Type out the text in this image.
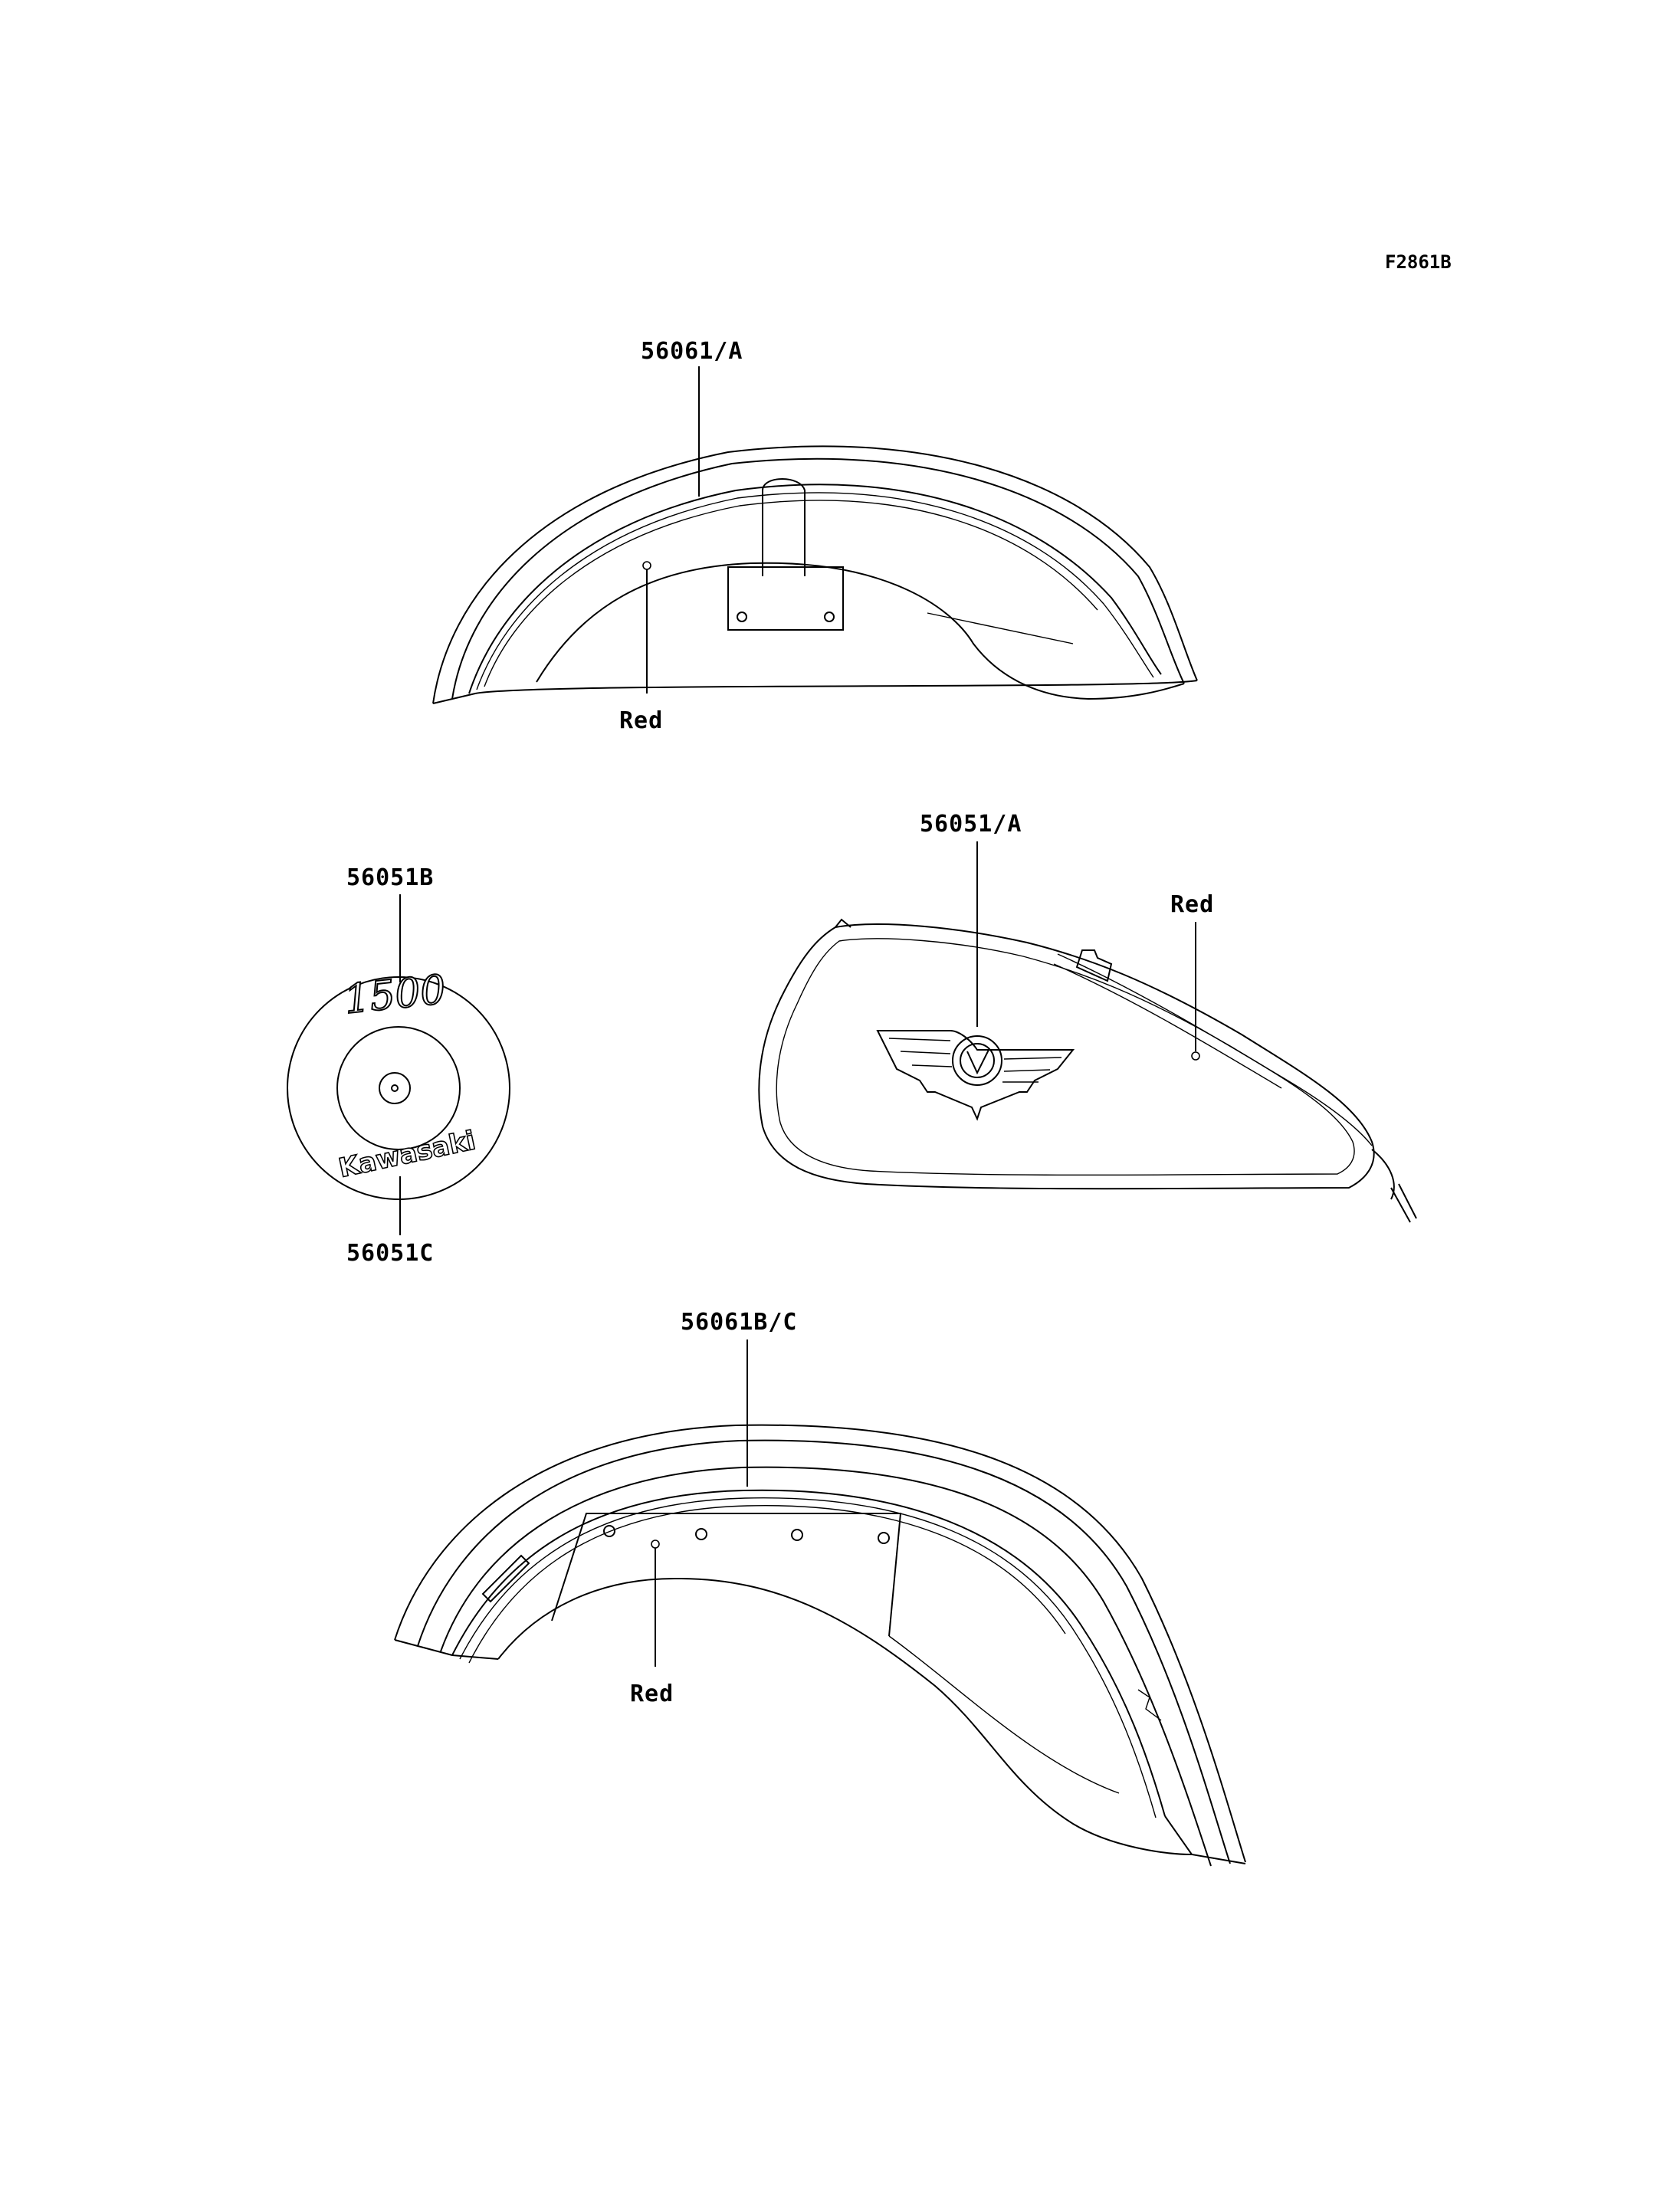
F2861B
56061/A
Red
56051B
1500
Kawasaki
56051C
56051/A
Red
56061B/C
Red
